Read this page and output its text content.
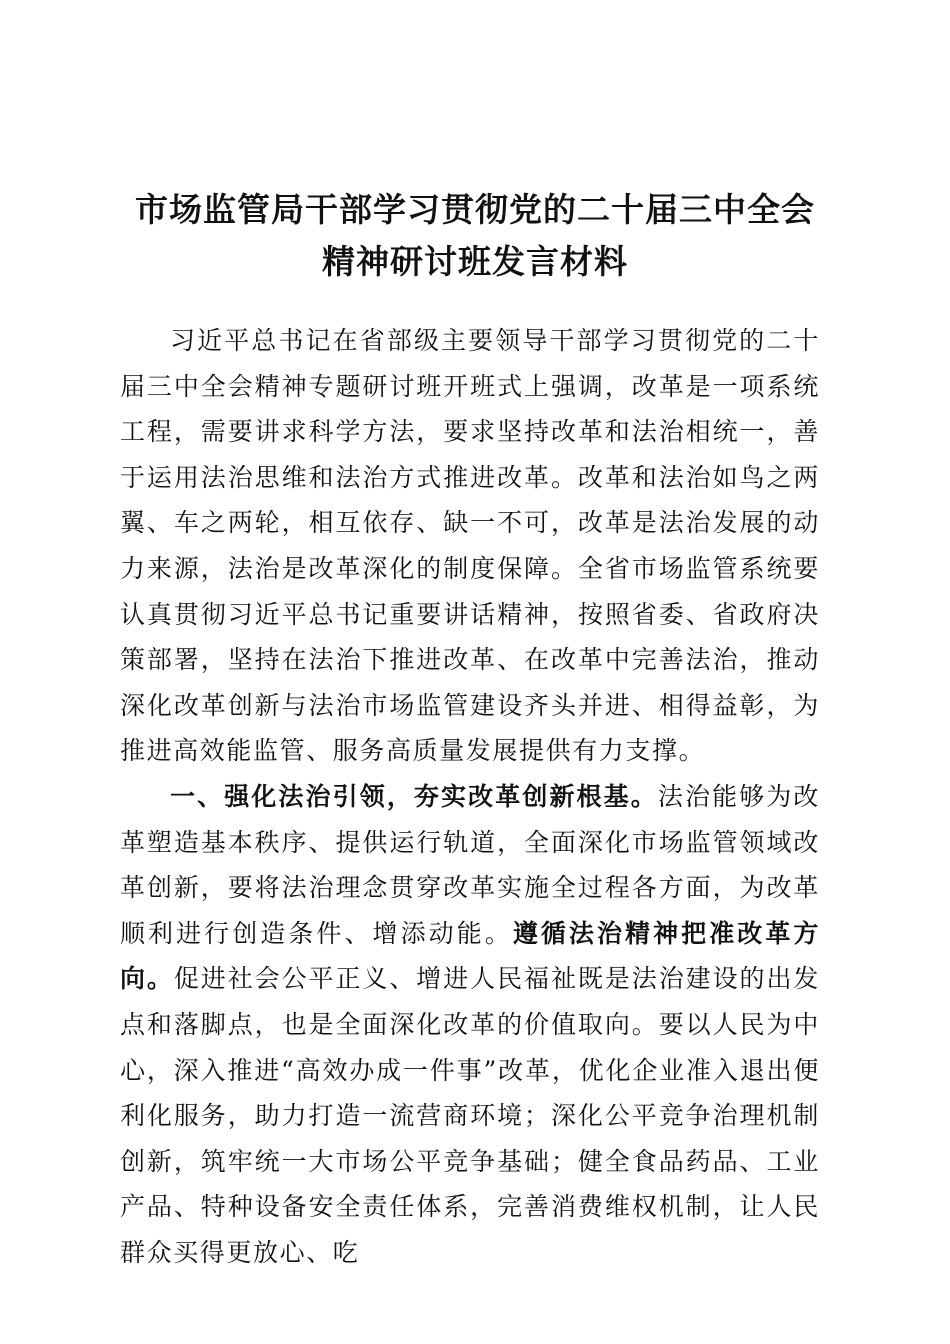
市场监管局干部学习贯彻党的二十届三中全会
精神研讨班发言材料

习近平总书记在省部级主要领导干部学习贯彻党的二十届三中全会精神专题研讨班开班式上强调，改革是一项系统工程，需要讲求科学方法，要求坚持改革和法治相统一，善于运用法治思维和法治方式推进改革。改革和法治如鸟之两翼、车之两轮，相互依存、缺一不可，改革是法治发展的动力来源，法治是改革深化的制度保障。全省市场监管系统要认真贯彻习近平总书记重要讲话精神，按照省委、省政府决策部署，坚持在法治下推进改革、在改革中完善法治，推动深化改革创新与法治市场监管建设齐头并进、相得益彰，为推进高效能监管、服务高质量发展提供有力支撑。

一、强化法治引领，夯实改革创新根基。法治能够为改革塑造基本秩序、提供运行轨道，全面深化市场监管领域改革创新，要将法治理念贯穿改革实施全过程各方面，为改革顺利进行创造条件、增添动能。遵循法治精神把准改革方向。促进社会公平正义、增进人民福祉既是法治建设的出发点和落脚点，也是全面深化改革的价值取向。要以人民为中心，深入推进“高效办成一件事”改革，优化企业准入退出便利化服务，助力打造一流营商环境；深化公平竞争治理机制创新，筑牢统一大市场公平竞争基础；健全食品药品、工业产品、特种设备安全责任体系，完善消费维权机制，让人民群众买得更放心、吃
